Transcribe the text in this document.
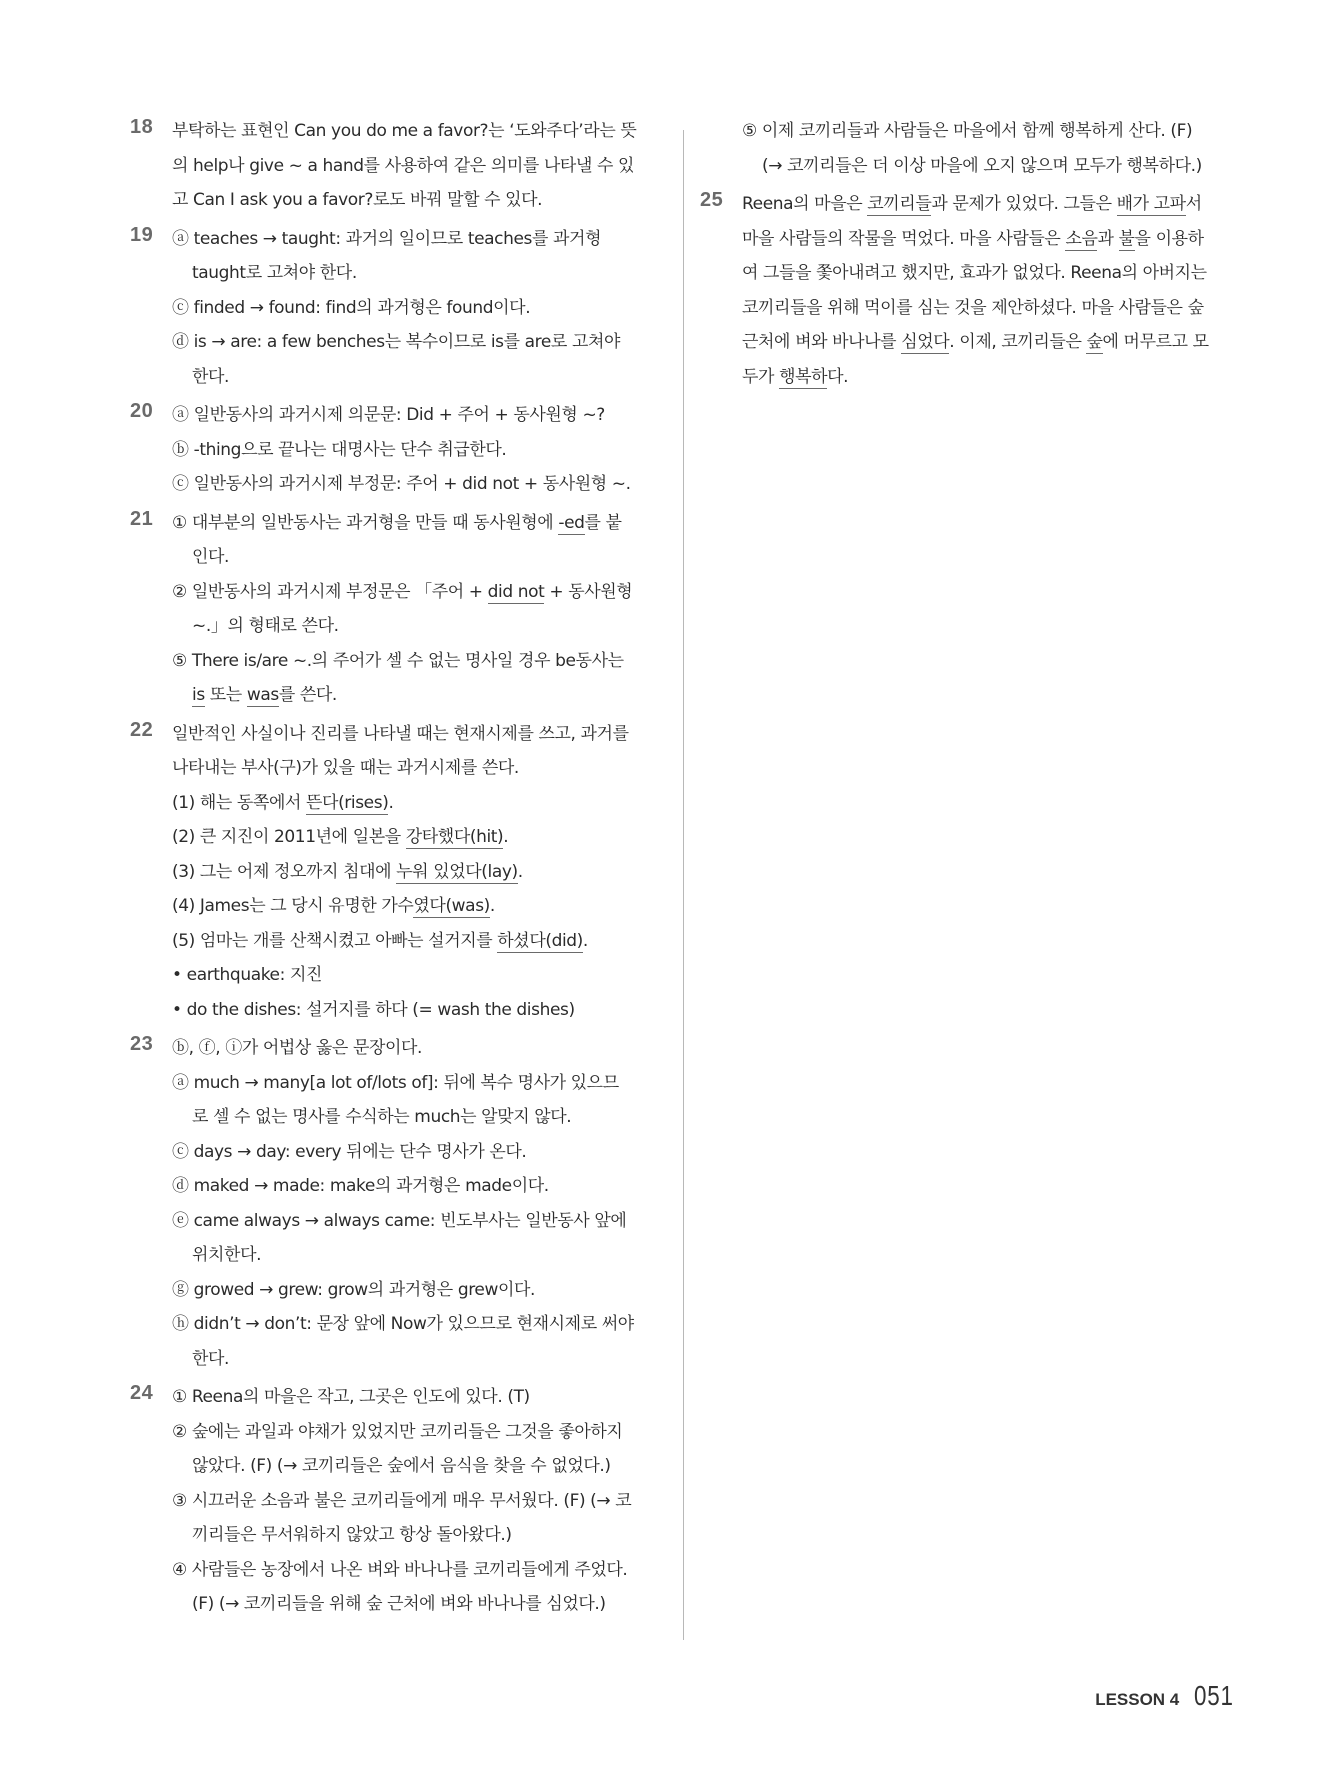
18 부탁하는 표현인 Can you do me a favor?는 ‘도와주다’라는 뜻
의 help나 give ~ a hand를 사용하여 같은 의미를 나타낼 수 있
고 Can I ask you a favor?로도 바꿔 말할 수 있다.
19 ⓐ teaches → taught: 과거의 일이므로 teaches를 과거형
taught로 고쳐야 한다.
ⓒ finded → found: find의 과거형은 found이다.
ⓓ is → are: a few benches는 복수이므로 is를 are로 고쳐야
한다.
20 ⓐ 일반동사의 과거시제 의문문: Did + 주어 + 동사원형 ~?
ⓑ -thing으로 끝나는 대명사는 단수 취급한다.
ⓒ 일반동사의 과거시제 부정문: 주어 + did not + 동사원형 ~.
21 ① 대부분의 일반동사는 과거형을 만들 때 동사원형에 -ed를 붙
인다.
② 일반동사의 과거시제 부정문은 「주어 + did not + 동사원형
~.」의 형태로 쓴다.
⑤ There is/are ~.의 주어가 셀 수 없는 명사일 경우 be동사는
is 또는 was를 쓴다.
22 일반적인 사실이나 진리를 나타낼 때는 현재시제를 쓰고, 과거를
나타내는 부사(구)가 있을 때는 과거시제를 쓴다.
(1) 해는 동쪽에서 뜬다(rises).
(2) 큰 지진이 2011년에 일본을 강타했다(hit).
(3) 그는 어제 정오까지 침대에 누워 있었다(lay).
(4) James는 그 당시 유명한 가수였다(was).
(5) 엄마는 개를 산책시켰고 아빠는 설거지를 하셨다(did).
• earthquake: 지진
• do the dishes: 설거지를 하다 (= wash the dishes)
23 ⓑ, ⓕ, ⓘ가 어법상 옳은 문장이다.
ⓐ much → many[a lot of/lots of]: 뒤에 복수 명사가 있으므
로 셀 수 없는 명사를 수식하는 much는 알맞지 않다.
ⓒ days → day: every 뒤에는 단수 명사가 온다.
ⓓ maked → made: make의 과거형은 made이다.
ⓔ came always → always came: 빈도부사는 일반동사 앞에
위치한다.
ⓖ growed → grew: grow의 과거형은 grew이다.
ⓗ didn’t → don’t: 문장 앞에 Now가 있으므로 현재시제로 써야
한다.
24 ① Reena의 마을은 작고, 그곳은 인도에 있다. (T)
② 숲에는 과일과 야채가 있었지만 코끼리들은 그것을 좋아하지
않았다. (F) (→ 코끼리들은 숲에서 음식을 찾을 수 없었다.)
③ 시끄러운 소음과 불은 코끼리들에게 매우 무서웠다. (F) (→ 코
끼리들은 무서워하지 않았고 항상 돌아왔다.)
④ 사람들은 농장에서 나온 벼와 바나나를 코끼리들에게 주었다.
(F) (→ 코끼리들을 위해 숲 근처에 벼와 바나나를 심었다.)
⑤ 이제 코끼리들과 사람들은 마을에서 함께 행복하게 산다. (F)
(→ 코끼리들은 더 이상 마을에 오지 않으며 모두가 행복하다.)
25 Reena의 마을은 코끼리들과 문제가 있었다. 그들은 배가 고파서
마을 사람들의 작물을 먹었다. 마을 사람들은 소음과 불을 이용하
여 그들을 쫓아내려고 했지만, 효과가 없었다. Reena의 아버지는
코끼리들을 위해 먹이를 심는 것을 제안하셨다. 마을 사람들은 숲
근처에 벼와 바나나를 심었다. 이제, 코끼리들은 숲에 머무르고 모
두가 행복하다.
LESSON 4 051
